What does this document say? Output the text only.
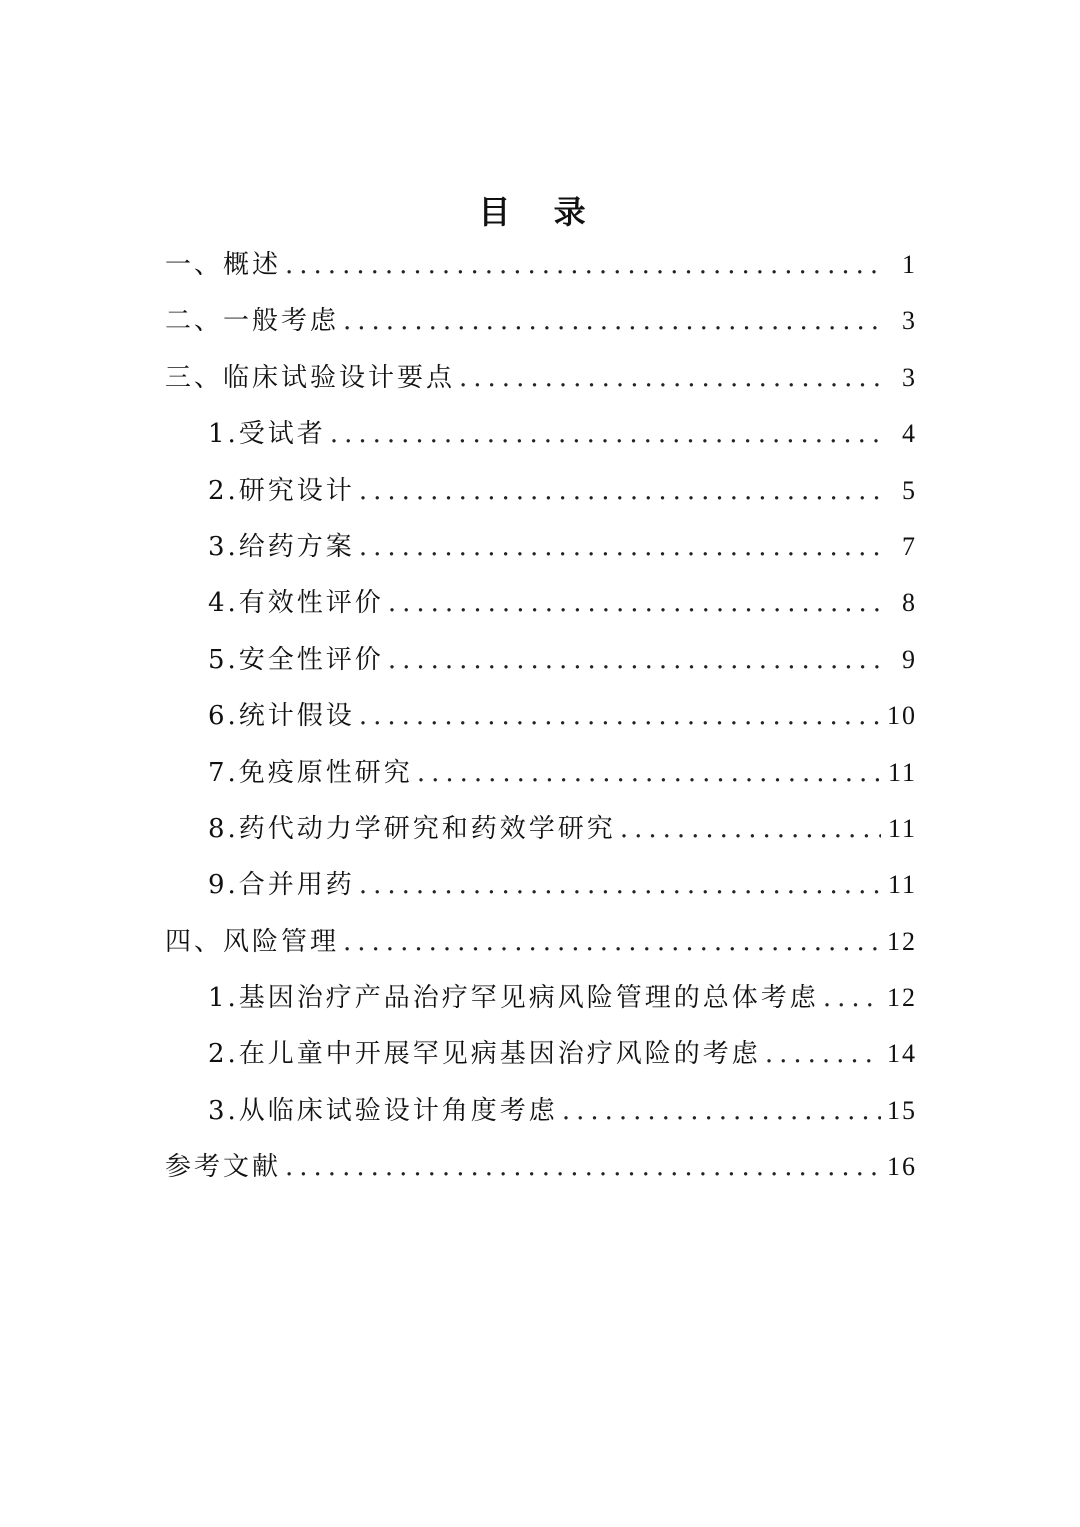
目 录
一、概述 .....	1
二、一般考虑 .....	3
三、临床试验设计要点 .....	3
1.受试者 .....	4
2.研究设计 .....	5
3.给药方案 .....	7
4.有效性评价 .....	8
5.安全性评价 .....	9
6.统计假设 .....	10
7.免疫原性研究 .....	11
8.药代动力学研究和药效学研究 .....	11
9.合并用药 .....	11
四、风险管理 .....	12
1.基因治疗产品治疗罕见病风险管理的总体考虑 .....	12
2.在儿童中开展罕见病基因治疗风险的考虑 .....	14
3.从临床试验设计角度考虑 .....	15
参考文献 .....	16
